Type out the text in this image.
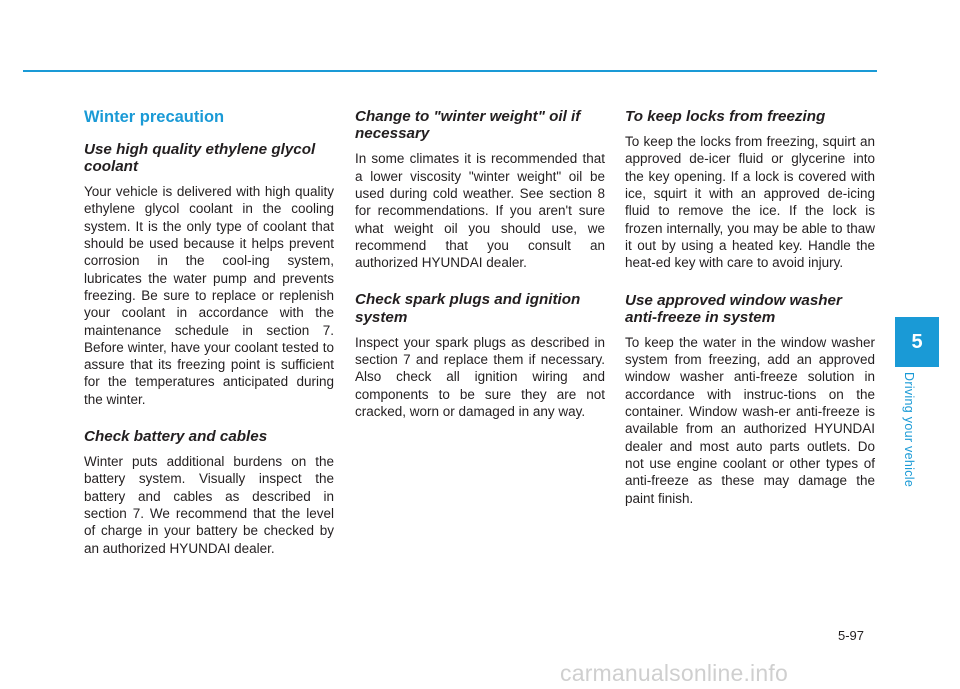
Winter precaution
Use high quality ethylene glycol coolant

Your vehicle is delivered with high quality ethylene glycol coolant in the cooling system. It is the only type of coolant that should be used because it helps prevent corrosion in the cool-ing system, lubricates the water pump and prevents freezing. Be sure to replace or replenish your coolant in accordance with the maintenance schedule in section 7. Before winter, have your coolant tested to assure that its freezing point is sufficient for the temperatures anticipated during the winter.

Check battery and cables

Winter puts additional burdens on the battery system. Visually inspect the battery and cables as described in section 7. We recommend that the level of charge in your battery be checked by an authorized HYUNDAI dealer.

Change to "winter weight" oil if necessary

In some climates it is recommended that a lower viscosity "winter weight" oil be used during cold weather. See section 8 for recommendations. If you aren't sure what weight oil you should use, we recommend that you consult an authorized HYUNDAI dealer.

Check spark plugs and ignition system

Inspect your spark plugs as described in section 7 and replace them if necessary. Also check all ignition wiring and components to be sure they are not cracked, worn or damaged in any way.

To keep locks from freezing

To keep the locks from freezing, squirt an approved de-icer fluid or glycerine into the key opening. If a lock is covered with ice, squirt it with an approved de-icing fluid to remove the ice. If the lock is frozen internally, you may be able to thaw it out by using a heated key. Handle the heat-ed key with care to avoid injury.

Use approved window washer anti-freeze in system

To keep the water in the window washer system from freezing, add an approved window washer anti-freeze solution in accordance with instruc-tions on the container. Window wash-er anti-freeze is available from an authorized HYUNDAI dealer and most auto parts outlets. Do not use engine coolant or other types of anti-freeze as these may damage the paint finish.

5
Driving your vehicle
5-97
carmanualsonline.info
